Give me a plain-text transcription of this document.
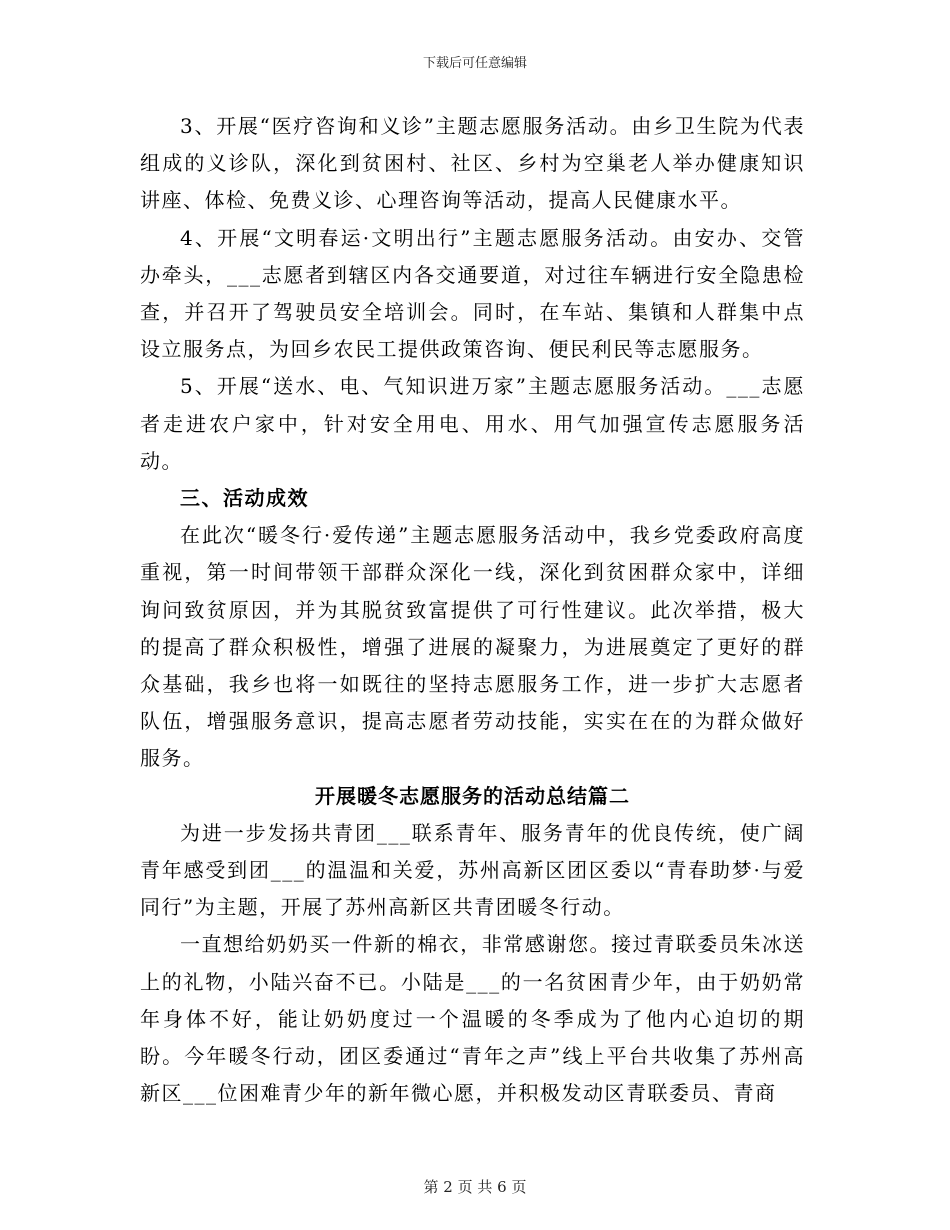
下载后可任意编辑

3、开展“医疗咨询和义诊”主题志愿服务活动。由乡卫生院为代表组成的义诊队，深化到贫困村、社区、乡村为空巢老人举办健康知识讲座、体检、免费义诊、心理咨询等活动，提高人民健康水平。

4、开展“文明春运·文明出行”主题志愿服务活动。由安办、交管办牵头，___志愿者到辖区内各交通要道，对过往车辆进行安全隐患检查，并召开了驾驶员安全培训会。同时，在车站、集镇和人群集中点设立服务点，为回乡农民工提供政策咨询、便民利民等志愿服务。

5、开展“送水、电、气知识进万家”主题志愿服务活动。___志愿者走进农户家中，针对安全用电、用水、用气加强宣传志愿服务活动。

三、活动成效

在此次“暖冬行·爱传递”主题志愿服务活动中，我乡党委政府高度重视，第一时间带领干部群众深化一线，深化到贫困群众家中，详细询问致贫原因，并为其脱贫致富提供了可行性建议。此次举措，极大的提高了群众积极性，增强了进展的凝聚力，为进展奠定了更好的群众基础，我乡也将一如既往的坚持志愿服务工作，进一步扩大志愿者队伍，增强服务意识，提高志愿者劳动技能，实实在在的为群众做好服务。

开展暖冬志愿服务的活动总结篇二

为进一步发扬共青团___联系青年、服务青年的优良传统，使广阔青年感受到团___的温温和关爱，苏州高新区团区委以“青春助梦·与爱同行”为主题，开展了苏州高新区共青团暖冬行动。

一直想给奶奶买一件新的棉衣，非常感谢您。接过青联委员朱冰送上的礼物，小陆兴奋不已。小陆是___的一名贫困青少年，由于奶奶常年身体不好，能让奶奶度过一个温暖的冬季成为了他内心迫切的期盼。今年暖冬行动，团区委通过“青年之声”线上平台共收集了苏州高新区___位困难青少年的新年微心愿，并积极发动区青联委员、青商

第 2 页 共 6 页
